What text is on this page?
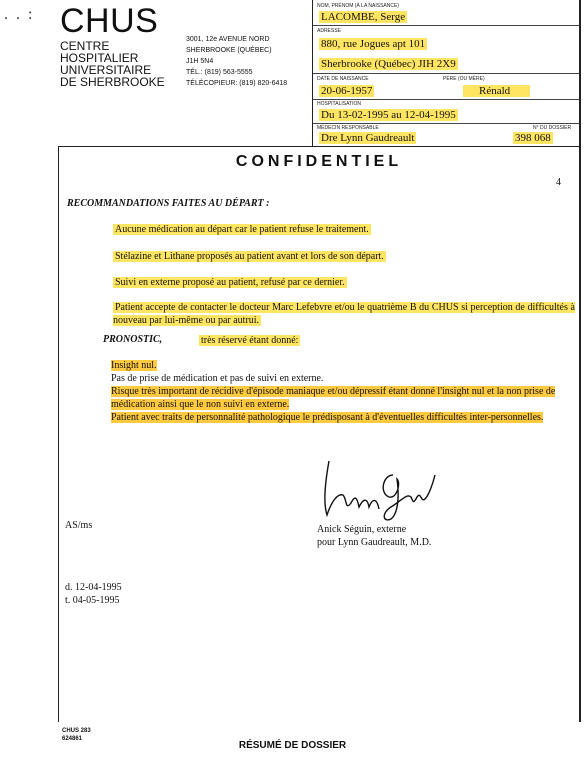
. . : CHUS
CENTRE
HOSPITALIER
UNIVERSITAIRE
DE SHERBROOKE
3001, 12e AVENUE NORD
SHERBROOKE (QUÉBEC)
J1H 5N4
TÉL.: (819) 563-5555
TÉLÉCOPIEUR: (819) 820-6418
NOM, PRÉNOM (À LA NAISSANCE)
LACOMBE, Serge
ADRESSE
880, rue Jogues apt 101
Sherbrooke (Québec) JIH 2X9
DATE DE NAISSANCE	PÈRE (OU MÈRE)
20-06-1957	Rénald
HOSPITALISATION
Du 13-02-1995 au 12-04-1995
MÉDECIN RESPONSABLE	N° DU DOSSIER
Dre Lynn Gaudreault	398 068
CONFIDENTIEL
4
RECOMMANDATIONS FAITES AU DÉPART :
Aucune médication au départ car le patient refuse le traitement.
Stélazine et Lithane proposés au patient avant et lors de son départ.
Suivi en externe proposé au patient, refusé par ce dernier.
Patient accepte de contacter le docteur Marc Lefebvre et/ou le quatrième B du CHUS si perception de difficultés à nouveau par lui-même ou par autrui.
PRONOSTIC,	très réservé étant donné:
Insight nul.
Pas de prise de médication et pas de suivi en externe.
Risque très important de récidive d'épisode maniaque et/ou dépressif étant donné l'insight nul et la non prise de médication ainsi que le non suivi en externe.
Patient avec traits de personnalité pathologique le prédisposant à d'éventuelles difficultés inter-personnelles.
AS/ms	Anick Séguin, externe
pour Lynn Gaudreault, M.D.
d. 12-04-1995
t. 04-05-1995
CHUS 283
624861
RÉSUMÉ DE DOSSIER
